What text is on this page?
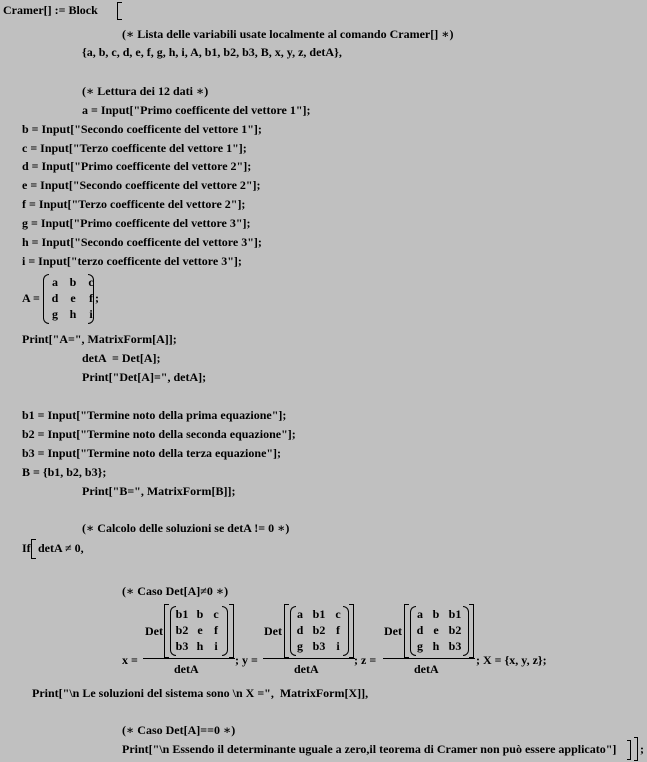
Cramer[] := Block
(∗ Lista delle variabili usate localmente al comando Cramer[] ∗)
{a, b, c, d, e, f, g, h, i, A, b1, b2, b3, B, x, y, z, detA},
(∗ Lettura dei 12 dati ∗)
a = Input["Primo coefficente del vettore 1"];
b = Input["Secondo coefficente del vettore 1"];
c = Input["Terzo coefficente del vettore 1"];
d = Input["Primo coefficente del vettore 2"];
e = Input["Secondo coefficente del vettore 2"];
f = Input["Terzo coefficente del vettore 2"];
g = Input["Primo coefficente del vettore 3"];
h = Input["Secondo coefficente del vettore 3"];
i = Input["terzo coefficente del vettore 3"];
A =
a b c
d e f
g h i
;
Print["A=", MatrixForm[A]];
detA  = Det[A];
Print["Det[A]=", detA];
b1 = Input["Termine noto della prima equazione"];
b2 = Input["Termine noto della seconda equazione"];
b3 = Input["Termine noto della terza equazione"];
B = {b1, b2, b3};
Print["B=", MatrixForm[B]];
(∗ Calcolo delle soluzioni se detA != 0 ∗)
If detA ≠ 0,
(∗ Caso Det[A]≠0 ∗)
x =
Det
b1 b c
b2 e f
b3 h i
detA
; y =
Det
a b1 c
d b2 f
g b3 i
detA
; z =
Det
a b b1
d e b2
g h b3
detA
; X = {x, y, z};
Print["\n Le soluzioni del sistema sono \n X =",  MatrixForm[X]],
(∗ Caso Det[A]==0 ∗)
Print["\n Essendo il determinante uguale a zero,il teorema di Cramer non può essere applicato"] ;
